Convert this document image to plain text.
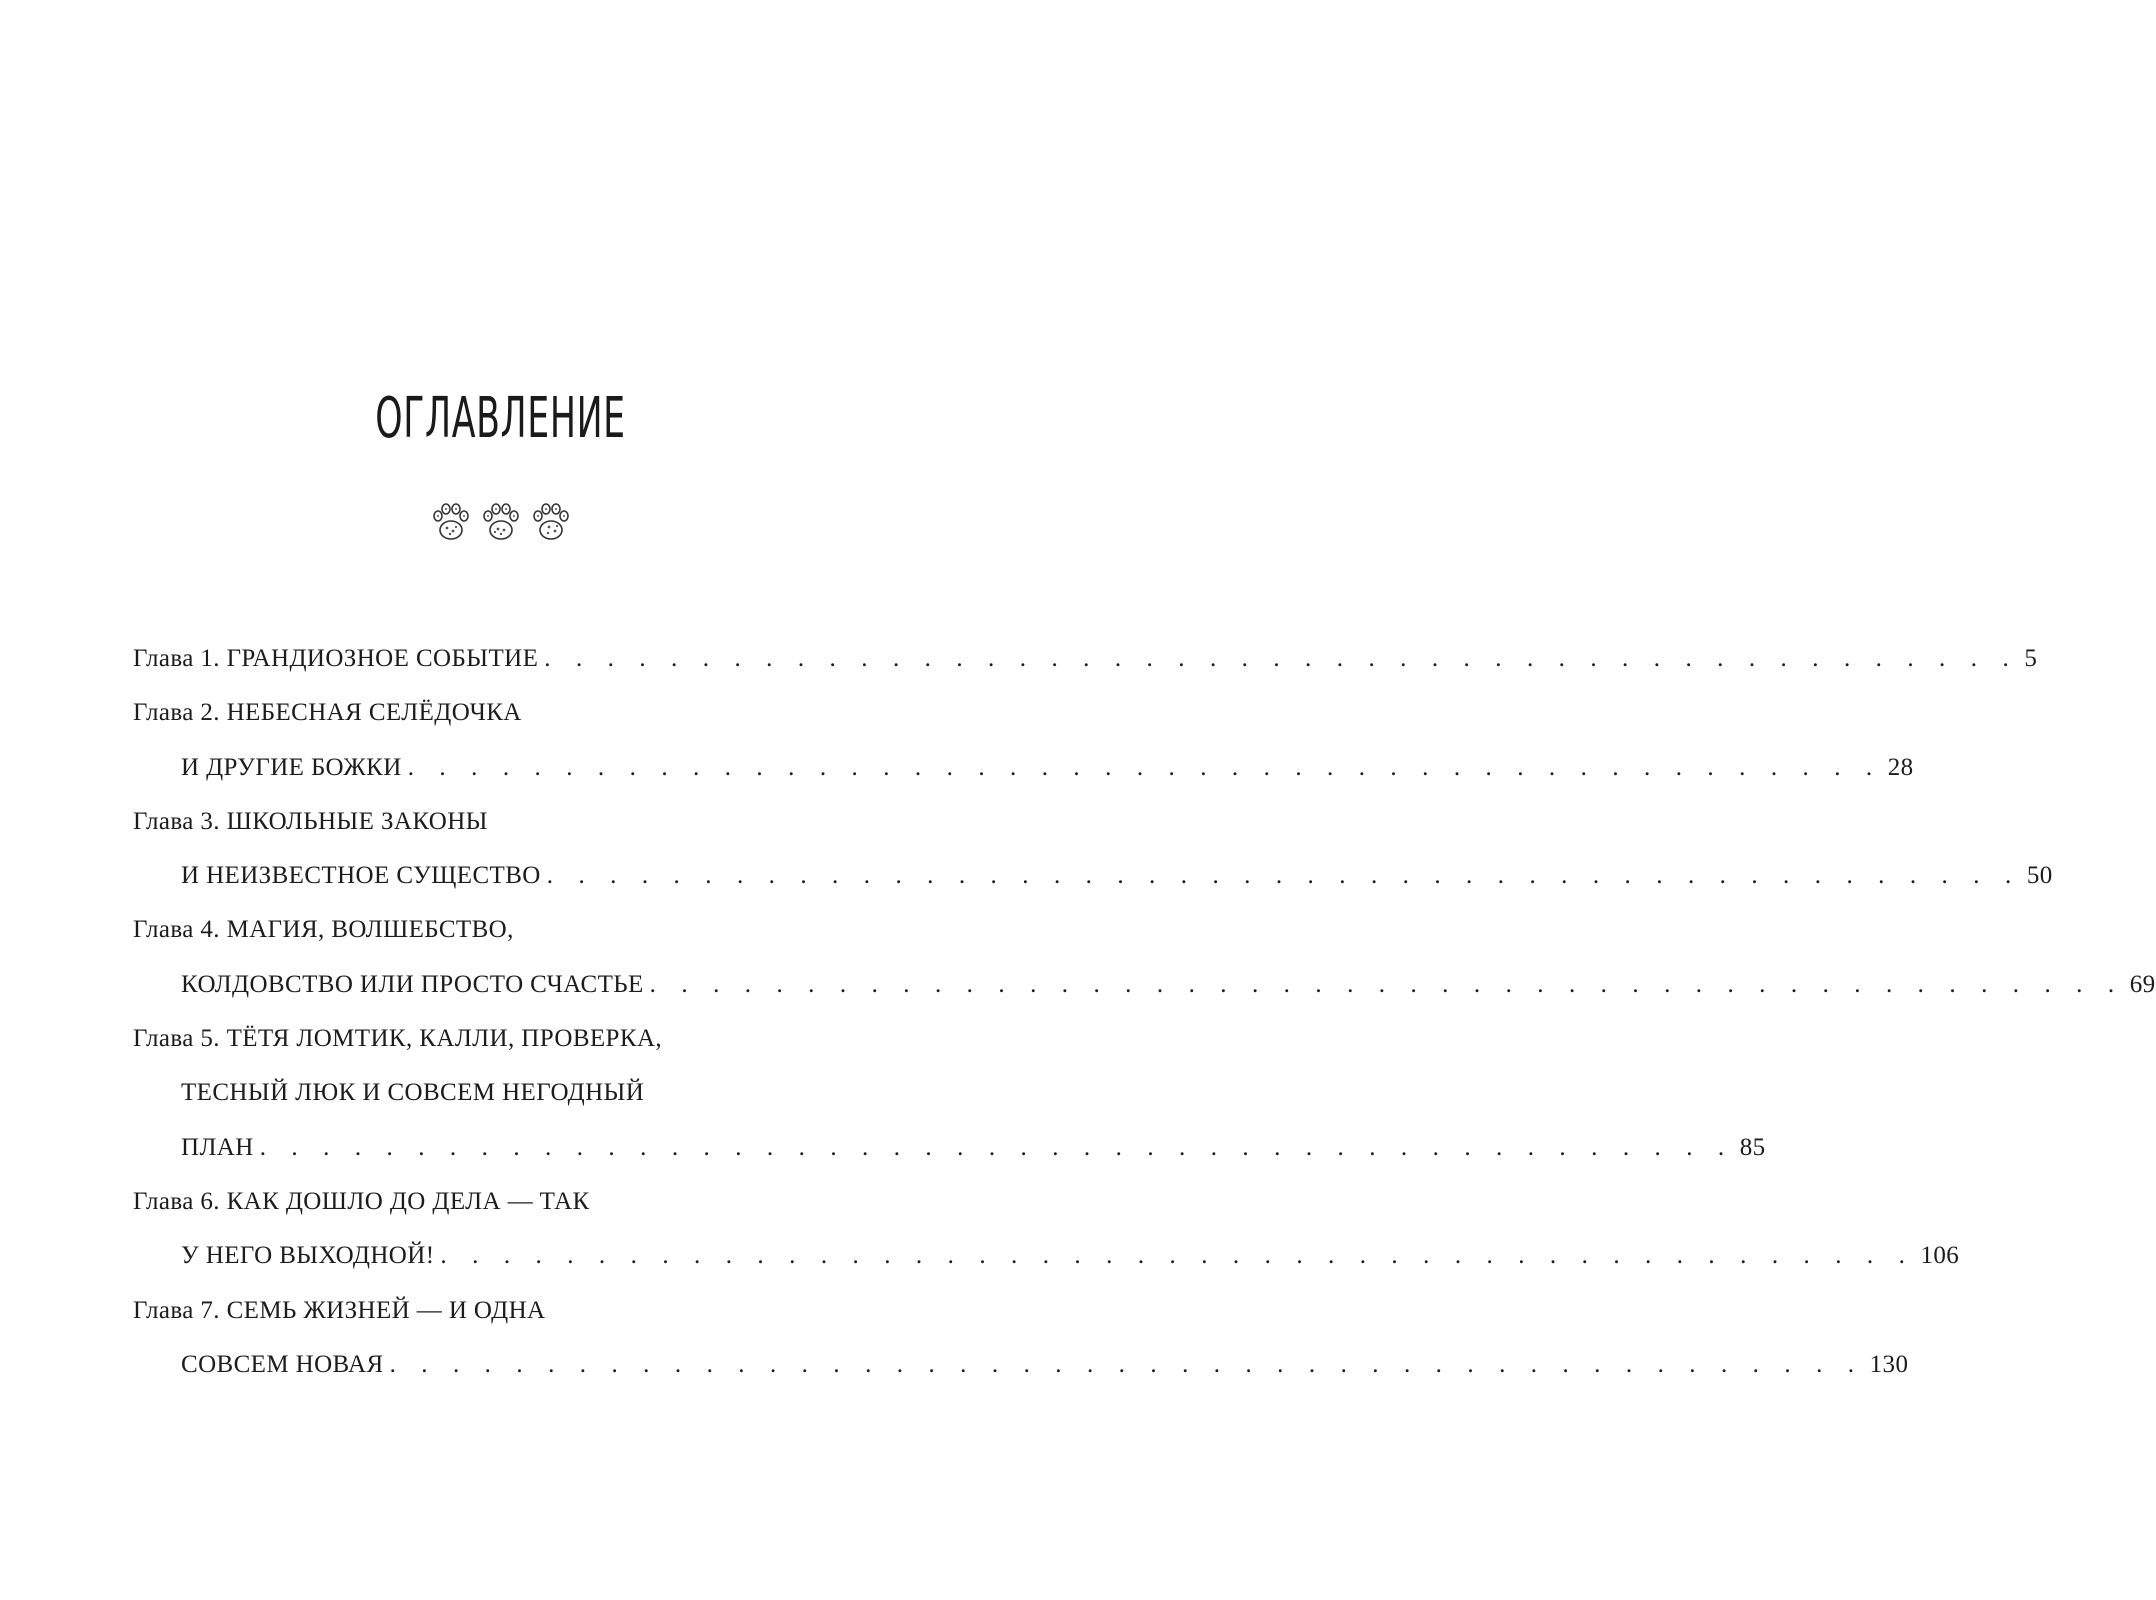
ОГЛАВЛЕНИЕ
Глава 1. ГРАНДИОЗНОЕ СОБЫТИЕ . . . . . . . . . . . . . . . . . . . . . . . . . . . . . . . . . . . . . . . . . . . . . . . 5
Глава 2. НЕБЕСНАЯ СЕЛЁДОЧКА
И ДРУГИЕ БОЖКИ . . . . . . . . . . . . . . . . . . . . . . . . . . . . . . . . . . . . . . . . . . . . . . . 28
Глава 3. ШКОЛЬНЫЕ ЗАКОНЫ
И НЕИЗВЕСТНОЕ СУЩЕСТВО . . . . . . . . . . . . . . . . . . . . . . . . . . . . . . . . . . . . . . . . . . . . . . . 50
Глава 4. МАГИЯ, ВОЛШЕБСТВО,
КОЛДОВСТВО ИЛИ ПРОСТО СЧАСТЬЕ . . . . . . . . . . . . . . . . . . . . . . . . . . . . . . . . . . . . . . . . . . . . . . . 69
Глава 5. ТЁТЯ ЛОМТИК, КАЛЛИ, ПРОВЕРКА,
ТЕСНЫЙ ЛЮК И СОВСЕМ НЕГОДНЫЙ
ПЛАН . . . . . . . . . . . . . . . . . . . . . . . . . . . . . . . . . . . . . . . . . . . . . . . 85
Глава 6. КАК ДОШЛО ДО ДЕЛА — ТАК
У НЕГО ВЫХОДНОЙ! . . . . . . . . . . . . . . . . . . . . . . . . . . . . . . . . . . . . . . . . . . . . . . . 106
Глава 7. СЕМЬ ЖИЗНЕЙ — И ОДНА
СОВСЕМ НОВАЯ . . . . . . . . . . . . . . . . . . . . . . . . . . . . . . . . . . . . . . . . . . . . . . . 130
